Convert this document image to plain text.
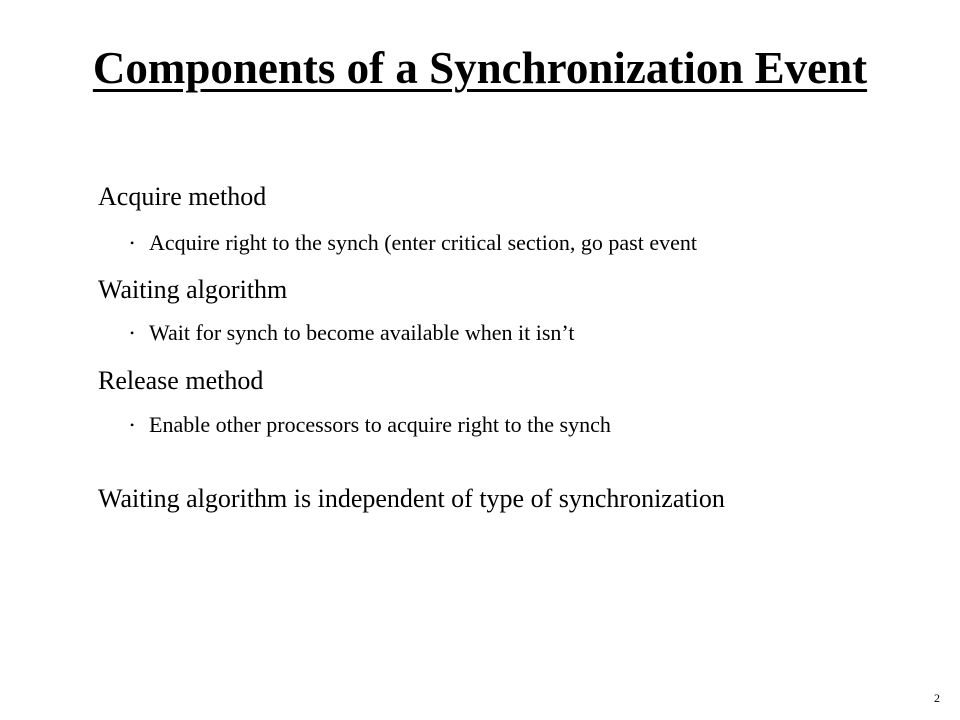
Components of a Synchronization Event
Acquire method
• Acquire right to the synch (enter critical section, go past event
Waiting algorithm
• Wait for synch to become available when it isn’t
Release method
• Enable other processors to acquire right to the synch
Waiting algorithm is independent of type of synchronization
2
